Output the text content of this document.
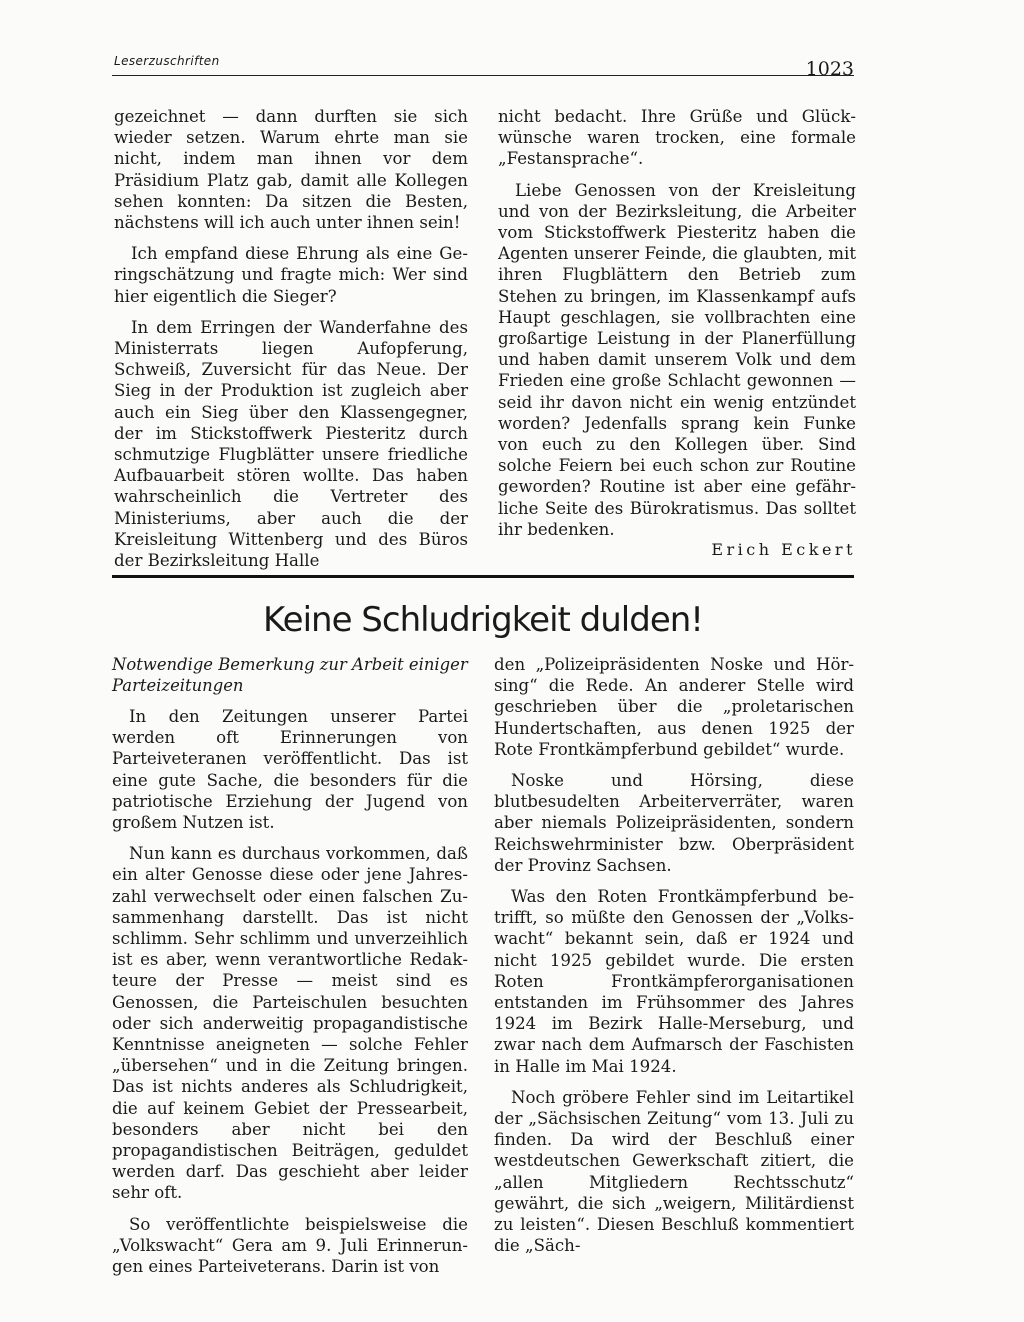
Leserzuschriften	1023

gezeichnet — dann durften sie sich wieder setzen. Warum ehrte man sie nicht, indem man ihnen vor dem Präsidium Platz gab, damit alle Kollegen sehen konnten: Da sitzen die Besten, nächstens will ich auch unter ihnen sein!

Ich empfand diese Ehrung als eine Geringschätzung und fragte mich: Wer sind hier eigentlich die Sieger?

In dem Erringen der Wanderfahne des Ministerrats liegen Aufopferung, Schweiß, Zuversicht für das Neue. Der Sieg in der Produktion ist zugleich aber auch ein Sieg über den Klassengegner, der im Stickstoffwerk Piesteritz durch schmutzige Flugblätter unsere friedliche Aufbauarbeit stören wollte. Das haben wahrscheinlich die Vertreter des Ministeriums, aber auch die der Kreisleitung Wittenberg und des Büros der Bezirksleitung Halle

nicht bedacht. Ihre Grüße und Glückwünsche waren trocken, eine formale „Festansprache“.

Liebe Genossen von der Kreisleitung und von der Bezirksleitung, die Arbeiter vom Stickstoffwerk Piesteritz haben die Agenten unserer Feinde, die glaubten, mit ihren Flugblättern den Betrieb zum Stehen zu bringen, im Klassenkampf aufs Haupt geschlagen, sie vollbrachten eine großartige Leistung in der Planerfüllung und haben damit unserem Volk und dem Frieden eine große Schlacht gewonnen — seid ihr davon nicht ein wenig entzündet worden? Jedenfalls sprang kein Funke von euch zu den Kollegen über. Sind solche Feiern bei euch schon zur Routine geworden? Routine ist aber eine gefährliche Seite des Bürokratismus. Das solltet ihr bedenken.

Erich Eckert
Keine Schludrigkeit dulden!
Notwendige Bemerkung zur Arbeit einiger Parteizeitungen

In den Zeitungen unserer Partei werden oft Erinnerungen von Parteiveteranen veröffentlicht. Das ist eine gute Sache, die besonders für die patriotische Erziehung der Jugend von großem Nutzen ist.

Nun kann es durchaus vorkommen, daß ein alter Genosse diese oder jene Jahreszahl verwechselt oder einen falschen Zusammenhang darstellt. Das ist nicht schlimm. Sehr schlimm und unverzeihlich ist es aber, wenn verantwortliche Redakteure der Presse — meist sind es Genossen, die Parteischulen besuchten oder sich anderweitig propagandistische Kenntnisse aneigneten — solche Fehler „übersehen“ und in die Zeitung bringen. Das ist nichts anderes als Schludrigkeit, die auf keinem Gebiet der Pressearbeit, besonders aber nicht bei den propagandistischen Beiträgen, geduldet werden darf. Das geschieht aber leider sehr oft.

So veröffentlichte beispielsweise die „Volkswacht“ Gera am 9. Juli Erinnerungen eines Parteiveterans. Darin ist von

den „Polizeipräsidenten Noske und Hörsing“ die Rede. An anderer Stelle wird geschrieben über die „proletarischen Hundertschaften, aus denen 1925 der Rote Frontkämpferbund gebildet“ wurde.

Noske und Hörsing, diese blutbesudelten Arbeiterverräter, waren aber niemals Polizeipräsidenten, sondern Reichswehrminister bzw. Oberpräsident der Provinz Sachsen.

Was den Roten Frontkämpferbund betrifft, so müßte den Genossen der „Volkswacht“ bekannt sein, daß er 1924 und nicht 1925 gebildet wurde. Die ersten Roten Frontkämpferorganisationen entstanden im Frühsommer des Jahres 1924 im Bezirk Halle-Merseburg, und zwar nach dem Aufmarsch der Faschisten in Halle im Mai 1924.

Noch gröbere Fehler sind im Leitartikel der „Sächsischen Zeitung“ vom 13. Juli zu finden. Da wird der Beschluß einer westdeutschen Gewerkschaft zitiert, die „allen Mitgliedern Rechtsschutz“ gewährt, die sich „weigern, Militärdienst zu leisten“. Diesen Beschluß kommentiert die „Säch-
